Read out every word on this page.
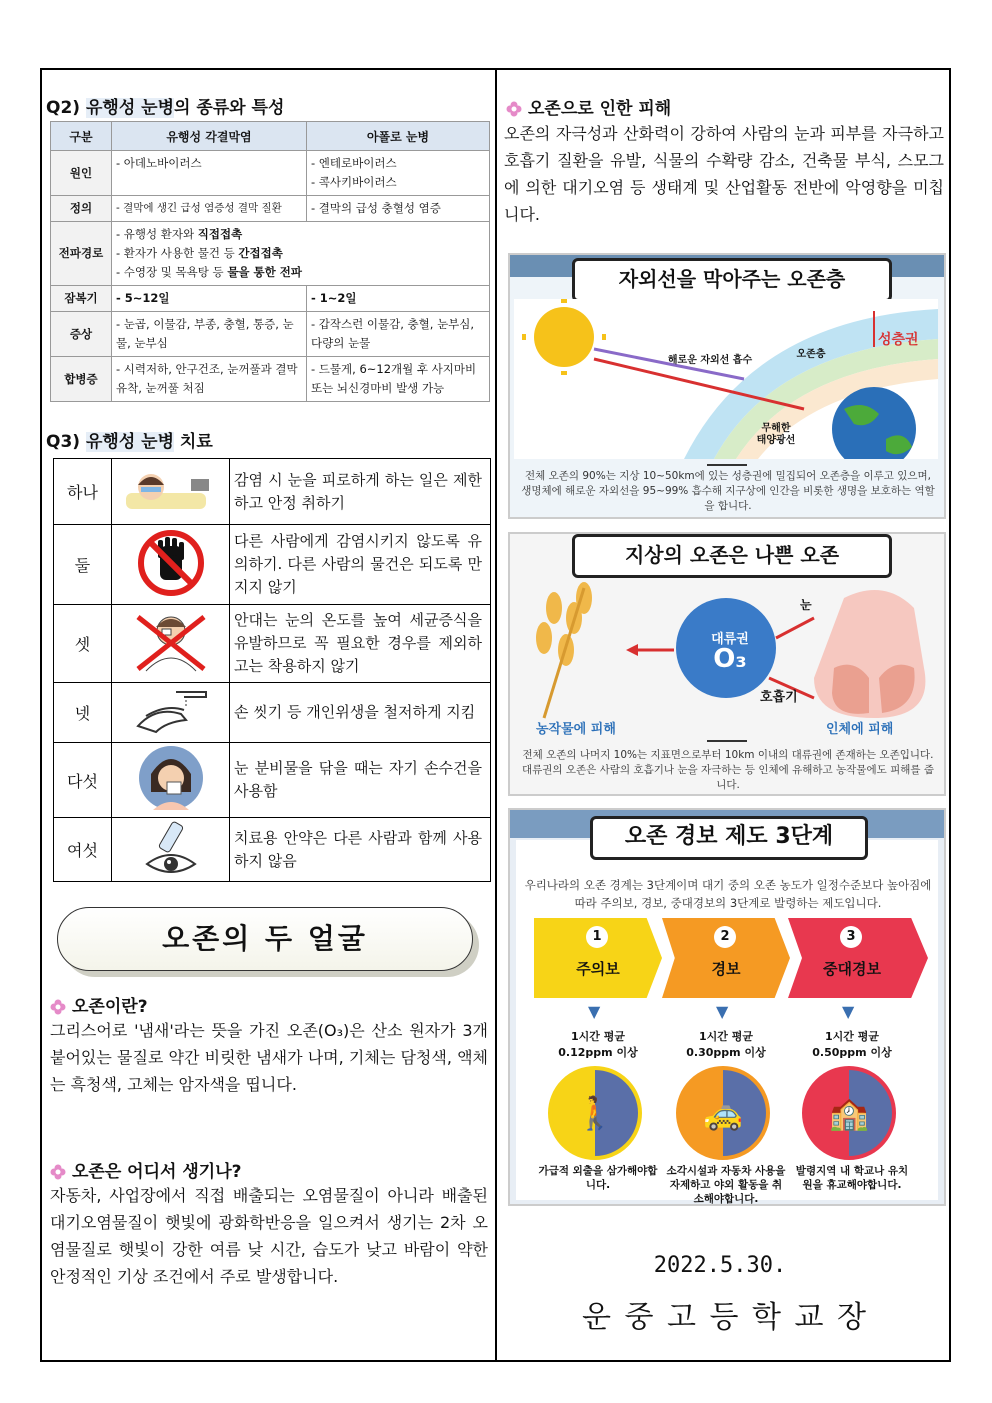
Q2) 유행성 눈병의 종류와 특성
구분	유행성 각결막염	아폴로 눈병
원인	- 아데노바이러스	- 엔테로바이러스
- 콕사키바이러스

정의	- 결막에 생긴 급성 염증성 결막 질환	- 결막의 급성 충혈성 염증
전파경로	- 유행성 환자와 직접접촉
- 환자가 사용한 물건 등 간접접촉
- 수영장 및 목욕탕 등 물을 통한 전파	

잠복기	- 5~12일	- 1~2일
증상	- 눈곱, 이물감, 부종, 충혈, 통증, 눈물, 눈부심	- 갑작스런 이물감, 충혈, 눈부심, 다량의 눈물
합병증	- 시력저하, 안구건조, 눈꺼풀과 결막 유착, 눈꺼풀 처짐	- 드물게, 6~12개월 후 사지마비 또는 뇌신경마비 발생 가능
Q3) 유행성 눈병 치료
하나		감염 시 눈을 피로하게 하는 일은 제한하고 안정 취하기
둘		다른 사람에게 감염시키지 않도록 유의하기. 다른 사람의 물건은 되도록 만지지 않기
셋		안대는 눈의 온도를 높여 세균증식을 유발하므로 꼭 필요한 경우를 제외하고는 착용하지 않기
넷		손 씻기 등 개인위생을 철저하게 지킴
다섯		눈 분비물을 닦을 때는 자기 손수건을 사용함
여섯		치료용 안약은 다른 사람과 함께 사용하지 않음
오존의 두 얼굴
오존이란?
그리스어로 '냄새'라는 뜻을 가진 오존(O₃)은 산소 원자가 3개 붙어있는 물질로 약간 비릿한 냄새가 나며, 기체는 담청색, 액체는 흑청색, 고체는 암자색을 띱니다.
오존은 어디서 생기나?
자동차, 사업장에서 직접 배출되는 오염물질이 아니라 배출된 대기오염물질이 햇빛에 광화학반응을 일으켜서 생기는 2차 오염물질로 햇빛이 강한 여름 낮 시간, 습도가 낮고 바람이 약한 안정적인 기상 조건에서 주로 발생합니다.
오존으로 인한 피해
오존의 자극성과 산화력이 강하여 사람의 눈과 피부를 자극하고 호흡기 질환을 유발, 식물의 수확량 감소, 건축물 부식, 스모그에 의한 대기오염 등 생태계 및 산업활동 전반에 악영향을 미칩니다.
자외선을 막아주는 오존층
해로운 자외선 흡수
오존층
성층권
무해한
태양광선
전체 오존의 90%는 지상 10~50km에 있는 성층권에 밀집되어 오존층을 이루고 있으며, 생명체에 해로운 자외선을 95~99% 흡수해 지구상에 인간을 비롯한 생명을 보호하는 역할을 합니다.
지상의 오존은 나쁜 오존
대류권
O₃
눈
호흡기
농작물에 피해	인체에 피해
전체 오존의 나머지 10%는 지표면으로부터 10km 이내의 대류권에 존재하는 오존입니다. 대류권의 오존은 사람의 호흡기나 눈을 자극하는 등 인체에 유해하고 농작물에도 피해를 줍니다.
오존 경보 제도 3단계
우리나라의 오존 경계는 3단계이며 대기 중의 오존 농도가 일정수준보다 높아짐에 따라 주의보, 경보, 중대경보의 3단계로 발령하는 제도입니다.
1
주의보
▼
1시간 평균
0.12ppm 이상
🚶
가급적 외출을 삼가해야합니다.
2
경보
▼
1시간 평균
0.30ppm 이상
🚕
소각시설과 자동차 사용을 자제하고 야외 활동을 취소해야합니다.
3
중대경보
▼
1시간 평균
0.50ppm 이상
🏫
발령지역 내 학교나 유치원을 휴교해야합니다.
2022.5.30.
운 중 고 등 학 교 장
